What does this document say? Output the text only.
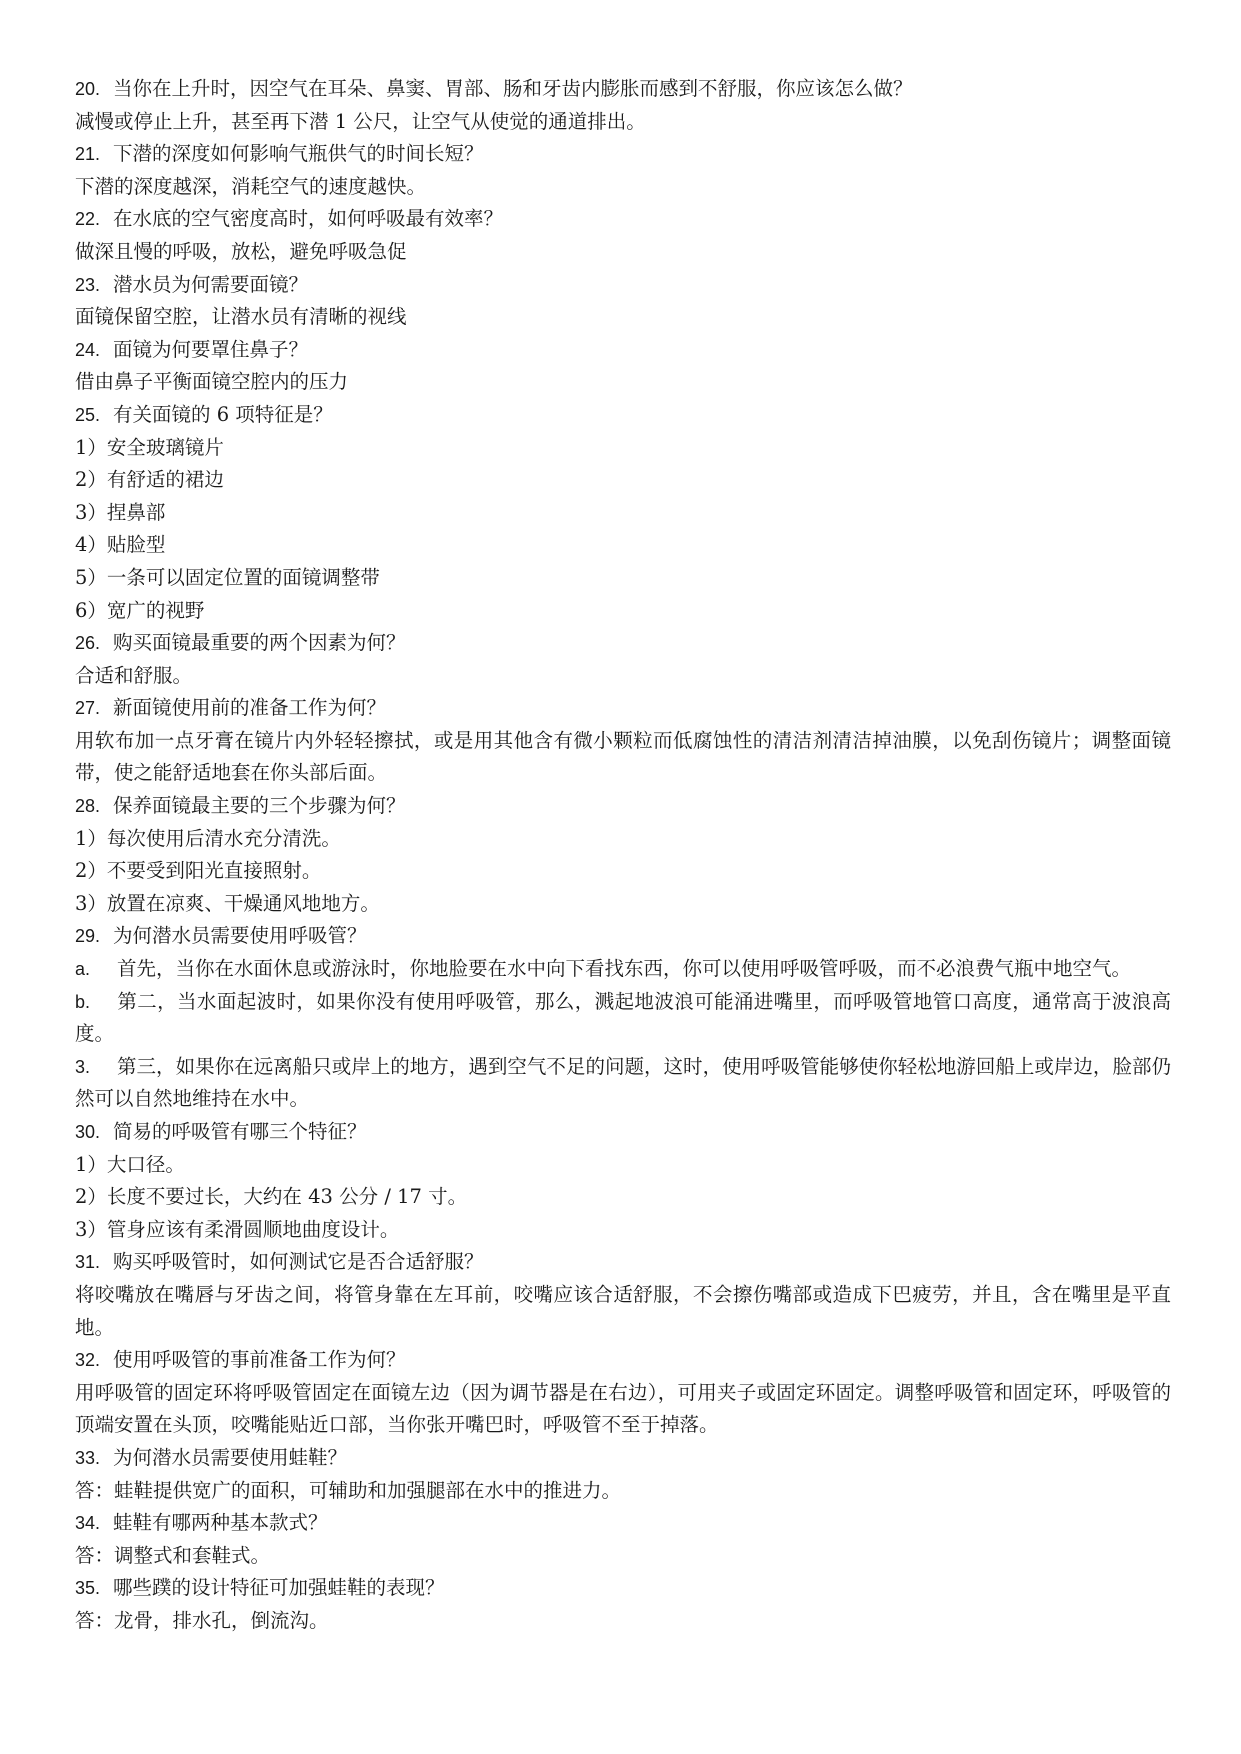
20. 当你在上升时，因空气在耳朵、鼻窦、胃部、肠和牙齿内膨胀而感到不舒服，你应该怎么做？
减慢或停止上升，甚至再下潜 1 公尺，让空气从使觉的通道排出。
21. 下潜的深度如何影响气瓶供气的时间长短？
下潜的深度越深，消耗空气的速度越快。
22. 在水底的空气密度高时，如何呼吸最有效率？
做深且慢的呼吸，放松，避免呼吸急促
23. 潜水员为何需要面镜？
面镜保留空腔，让潜水员有清晰的视线
24. 面镜为何要罩住鼻子？
借由鼻子平衡面镜空腔内的压力
25. 有关面镜的 6 项特征是？
1）安全玻璃镜片
2）有舒适的裙边
3）捏鼻部
4）贴脸型
5）一条可以固定位置的面镜调整带
6）宽广的视野
26. 购买面镜最重要的两个因素为何？
合适和舒服。
27. 新面镜使用前的准备工作为何？
用软布加一点牙膏在镜片内外轻轻擦拭，或是用其他含有微小颗粒而低腐蚀性的清洁剂清洁掉油膜，以免刮伤镜片；调整面镜带，使之能舒适地套在你头部后面。
28. 保养面镜最主要的三个步骤为何？
1）每次使用后清水充分清洗。
2）不要受到阳光直接照射。
3）放置在凉爽、干燥通风地地方。
29. 为何潜水员需要使用呼吸管？
a. 首先，当你在水面休息或游泳时，你地脸要在水中向下看找东西，你可以使用呼吸管呼吸，而不必浪费气瓶中地空气。
b. 第二，当水面起波时，如果你没有使用呼吸管，那么，溅起地波浪可能涌进嘴里，而呼吸管地管口高度，通常高于波浪高度。
3. 第三，如果你在远离船只或岸上的地方，遇到空气不足的问题，这时，使用呼吸管能够使你轻松地游回船上或岸边，脸部仍然可以自然地维持在水中。
30. 简易的呼吸管有哪三个特征？
1）大口径。
2）长度不要过长，大约在 43 公分 / 17 寸。
3）管身应该有柔滑圆顺地曲度设计。
31. 购买呼吸管时，如何测试它是否合适舒服？
将咬嘴放在嘴唇与牙齿之间，将管身靠在左耳前，咬嘴应该合适舒服，不会擦伤嘴部或造成下巴疲劳，并且，含在嘴里是平直地。
32. 使用呼吸管的事前准备工作为何？
用呼吸管的固定环将呼吸管固定在面镜左边（因为调节器是在右边），可用夹子或固定环固定。调整呼吸管和固定环，呼吸管的顶端安置在头顶，咬嘴能贴近口部，当你张开嘴巴时，呼吸管不至于掉落。
33. 为何潜水员需要使用蛙鞋？
答：蛙鞋提供宽广的面积，可辅助和加强腿部在水中的推进力。
34. 蛙鞋有哪两种基本款式？
答：调整式和套鞋式。
35. 哪些蹼的设计特征可加强蛙鞋的表现？
答：龙骨，排水孔，倒流沟。
